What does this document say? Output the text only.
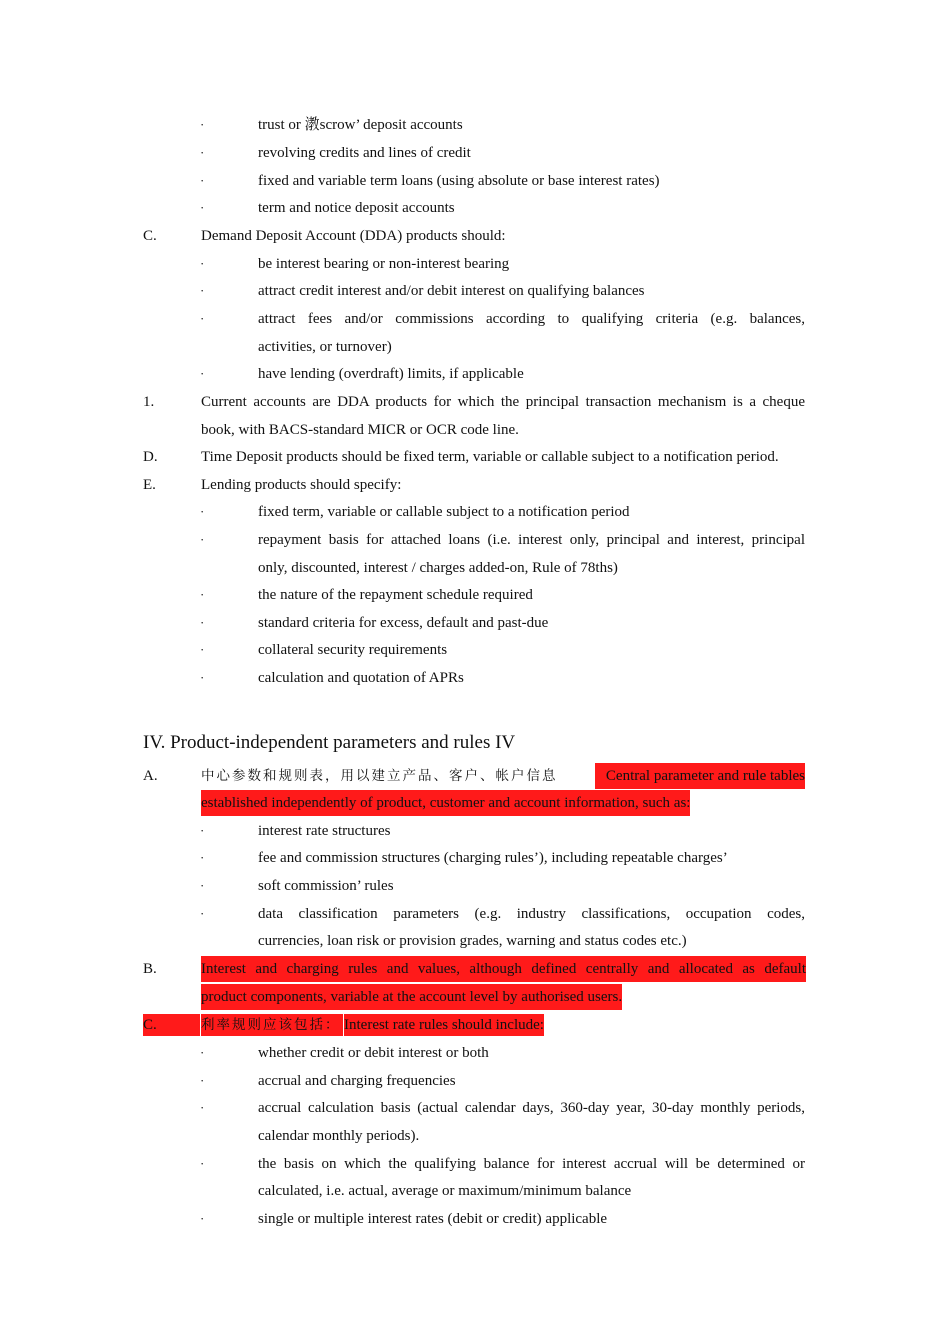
·	trust or 漖scrow’ deposit accounts
·	revolving credits and lines of credit
·	fixed and variable term loans (using absolute or base interest rates)
·	term and notice deposit accounts
C.	Demand Deposit Account (DDA) products should:
·	be interest bearing or non-interest bearing
·	attract credit interest and/or debit interest on qualifying balances
·	attract fees and/or commissions according to qualifying criteria (e.g. balances,
activities, or turnover)
·	have lending (overdraft) limits, if applicable
1.	Current accounts are DDA products for which the principal transaction mechanism is a cheque
book, with BACS-standard MICR or OCR code line.
D.	Time Deposit products should be fixed term, variable or callable subject to a notification period.
E.	Lending products should specify:
·	fixed term, variable or callable subject to a notification period
·	repayment basis for attached loans (i.e. interest only, principal and interest, principal
only, discounted, interest / charges added-on, Rule of 78ths)
·	the nature of the repayment schedule required
·	standard criteria for excess, default and past-due
·	collateral security requirements
·	calculation and quotation of APRs
IV. Product-independent parameters and rules IV
A.	中心参数和规则表，用以建立产品、客户、帐户信息	Central parameter and rule tables
established independently of product, customer and account information, such as:
·	interest rate structures
·	fee and commission structures (charging rules’), including repeatable charges’
·	soft commission’ rules
·	data classification parameters (e.g. industry classifications, occupation codes,
currencies, loan risk or provision grades, warning and status codes etc.)
B.	Interest and charging rules and values, although defined centrally and allocated as default
product components, variable at the account level by authorised users.
C.	利率规则应该包括： Interest rate rules should include:
·	whether credit or debit interest or both
·	accrual and charging frequencies
·	accrual calculation basis (actual calendar days, 360-day year, 30-day monthly periods,
calendar monthly periods).
·	the basis on which the qualifying balance for interest accrual will be determined or
calculated, i.e. actual, average or maximum/minimum balance
·	single or multiple interest rates (debit or credit) applicable
